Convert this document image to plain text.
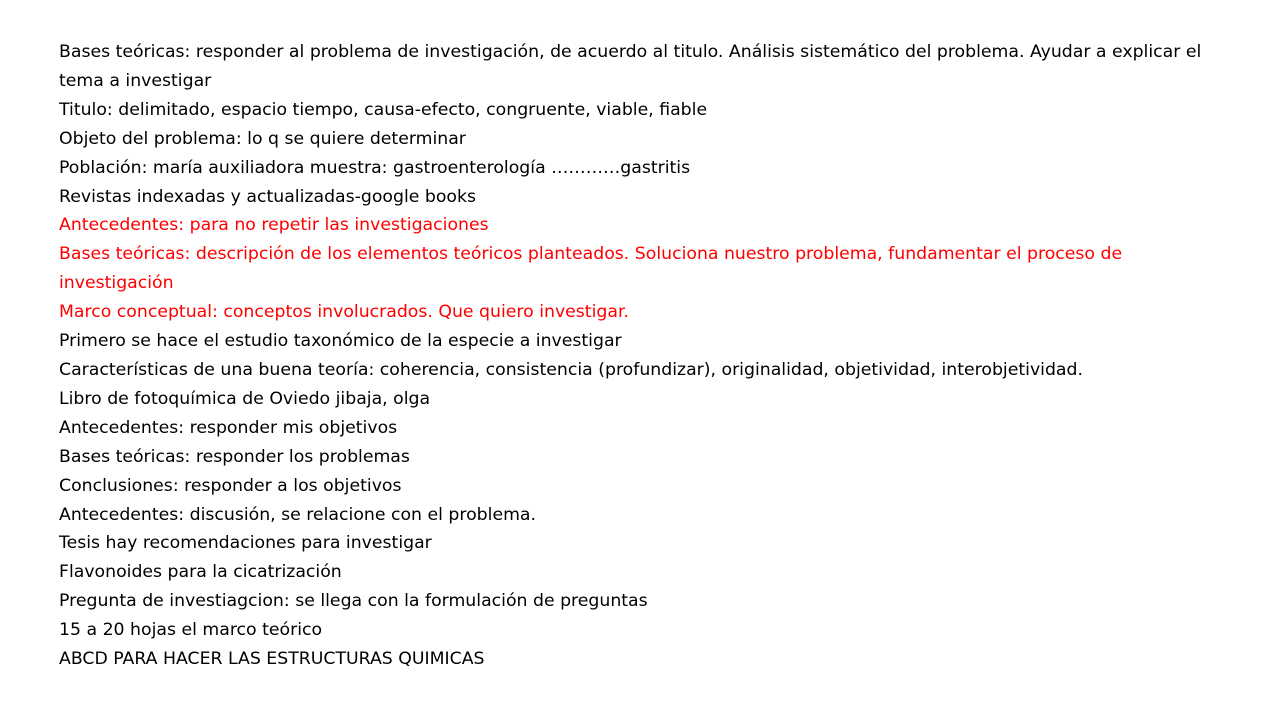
Bases teóricas: responder al problema de investigación, de acuerdo al titulo. Análisis sistemático del problema. Ayudar a explicar el tema a investigar
Titulo: delimitado, espacio tiempo, causa-efecto, congruente, viable, fiable
Objeto del problema: lo q se quiere determinar
Población: maría auxiliadora muestra: gastroenterología …………gastritis
Revistas indexadas y actualizadas-google books
Antecedentes: para no repetir las investigaciones
Bases teóricas: descripción de los elementos teóricos planteados. Soluciona nuestro problema, fundamentar el proceso de investigación
Marco conceptual: conceptos involucrados. Que quiero investigar.
Primero se hace el estudio taxonómico de la especie a investigar
Características de una buena teoría: coherencia, consistencia (profundizar), originalidad, objetividad, interobjetividad.
Libro de fotoquímica de Oviedo jibaja, olga
Antecedentes: responder mis objetivos
Bases teóricas: responder los problemas
Conclusiones: responder a los objetivos
Antecedentes: discusión, se relacione con el problema.
Tesis hay recomendaciones para investigar
Flavonoides para la cicatrización
Pregunta de investiagcion: se llega con la formulación de preguntas
15 a 20 hojas el marco teórico
ABCD PARA HACER LAS ESTRUCTURAS QUIMICAS
